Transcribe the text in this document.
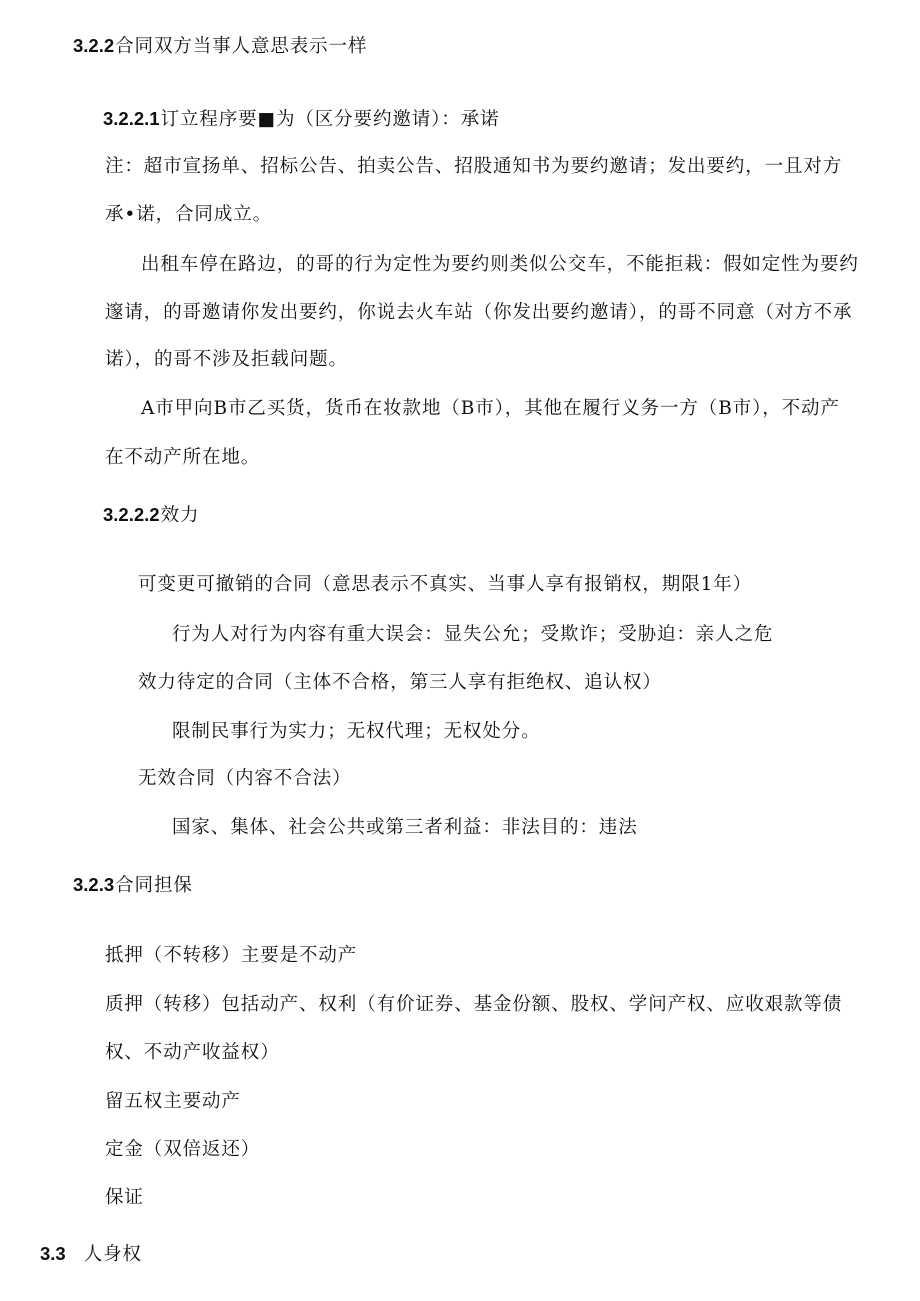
3.2.2合同双方当事人意思表示一样
3.2.2.1订立程序要■为（区分要约邀请）：承诺
注：超市宣扬单、招标公告、拍卖公告、招股通知书为要约邀请；发出要约，一且对方
承•诺，合同成立。
出租车停在路边，的哥的行为定性为要约则类似公交车，不能拒栽：假如定性为要约
邃请，的哥邀请你发出要约，你说去火车站（你发出要约邀请），的哥不同意（对方不承
诺），的哥不涉及拒载问题。
A市甲向B市乙买货，货币在妆款地（B市），其他在履行义务一方（B市），不动产
在不动产所在地。
3.2.2.2效力
可变更可撤销的合同（意思表示不真实、当事人享有报销权，期限1年）
行为人对行为内容有重大误会：显失公允；受欺诈；受胁迫：亲人之危
效力待定的合同（主体不合格，第三人享有拒绝权、追认权）
限制民事行为实力；无权代理；无权处分。
无效合同（内容不合法）
国家、集体、社会公共或第三者利益：非法目的：违法
3.2.3合同担保
抵押（不转移）主要是不动产
质押（转移）包括动产、权利（有价证券、基金份额、股权、学问产权、应收艰款等债
权、不动产收益权）
留五权主要动产
定金（双倍返还）
保证
3.3 人身权
